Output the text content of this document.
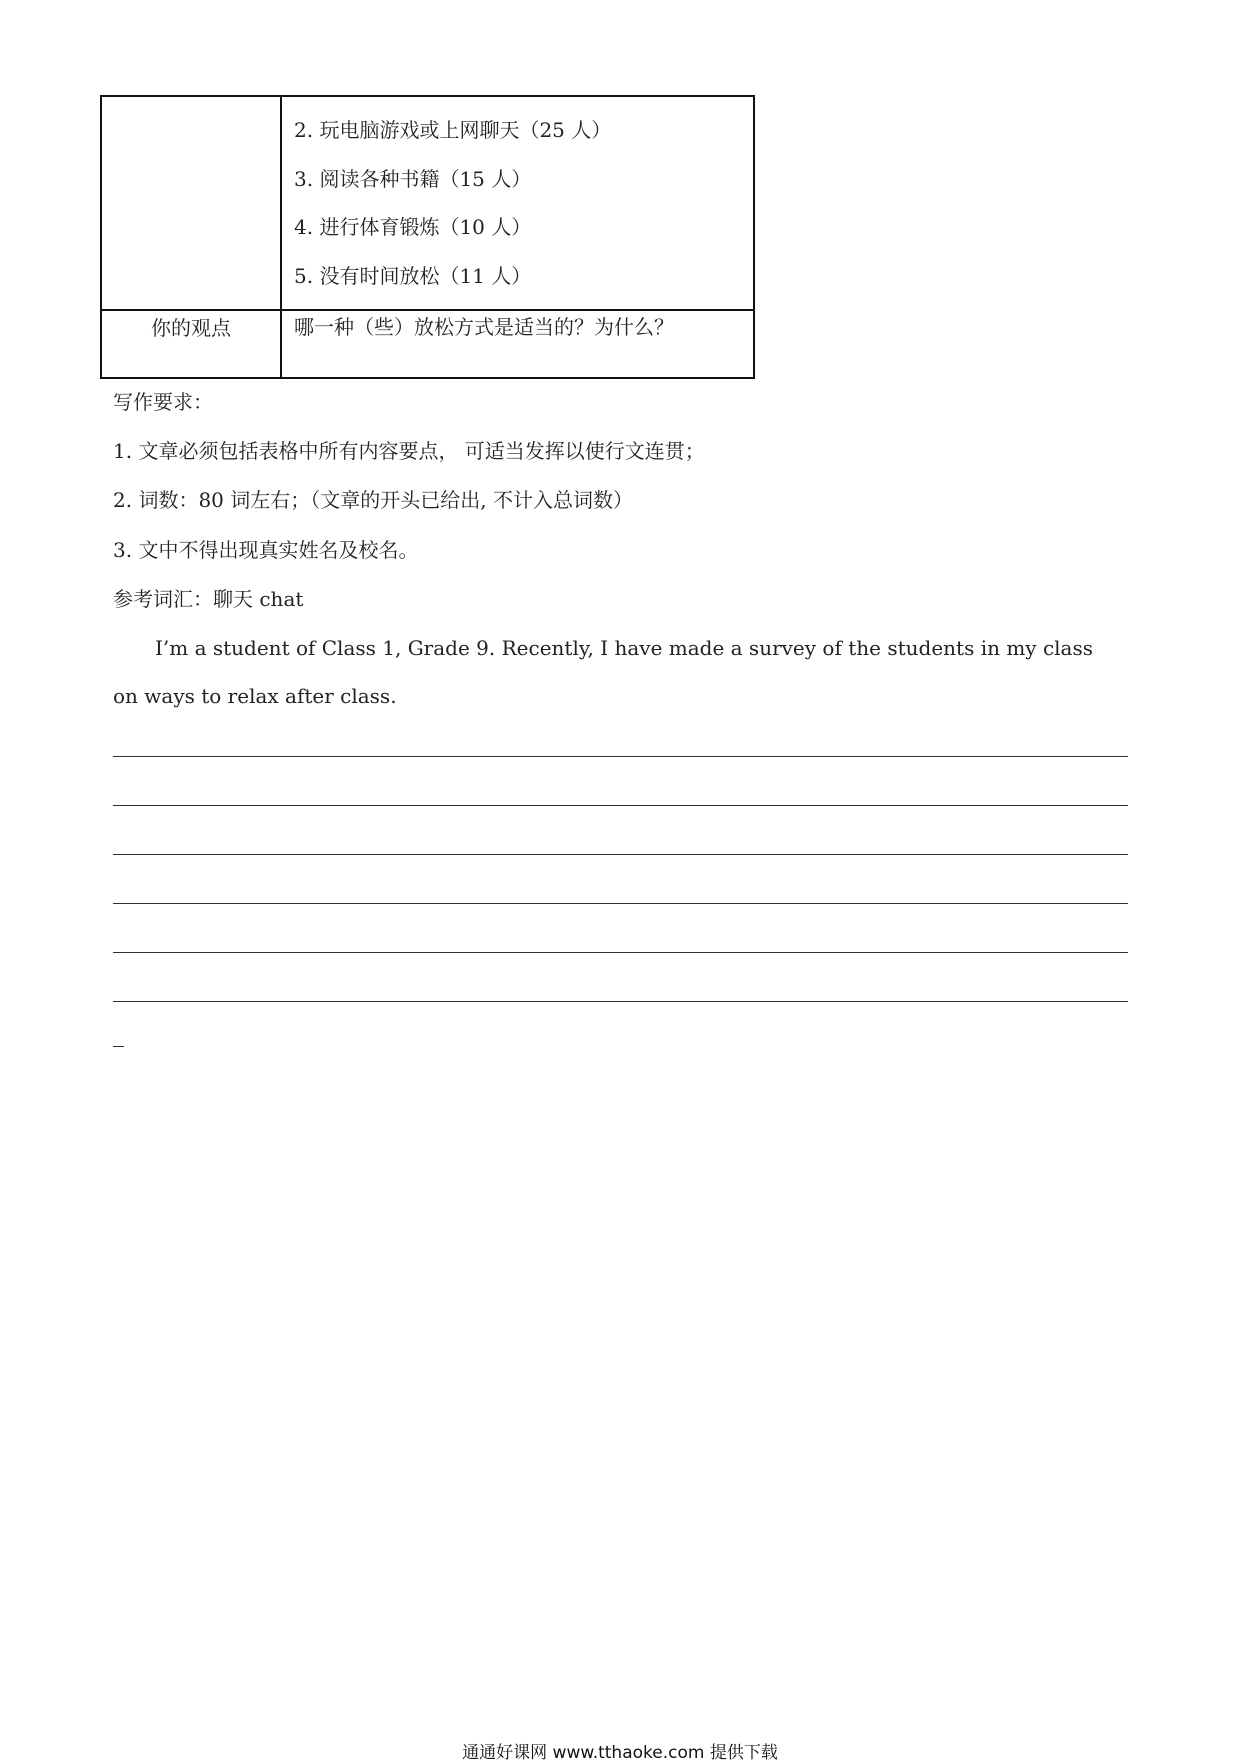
	2. 玩电脑游戏或上网聊天（25 人）
3. 阅读各种书籍（15 人）
4. 进行体育锻炼（10 人）
5. 没有时间放松（11 人）

你的观点	哪一种（些）放松方式是适当的？为什么？
写作要求：
1. 文章必须包括表格中所有内容要点， 可适当发挥以使行文连贯；
2. 词数：80 词左右；（文章的开头已给出, 不计入总词数）
3. 文中不得出现真实姓名及校名。
参考词汇：聊天 chat
I’m a student of Class 1, Grade 9. Recently, I have made a survey of the students in my class on ways to relax after class.
通通好课网 www.tthaoke.com 提供下载
